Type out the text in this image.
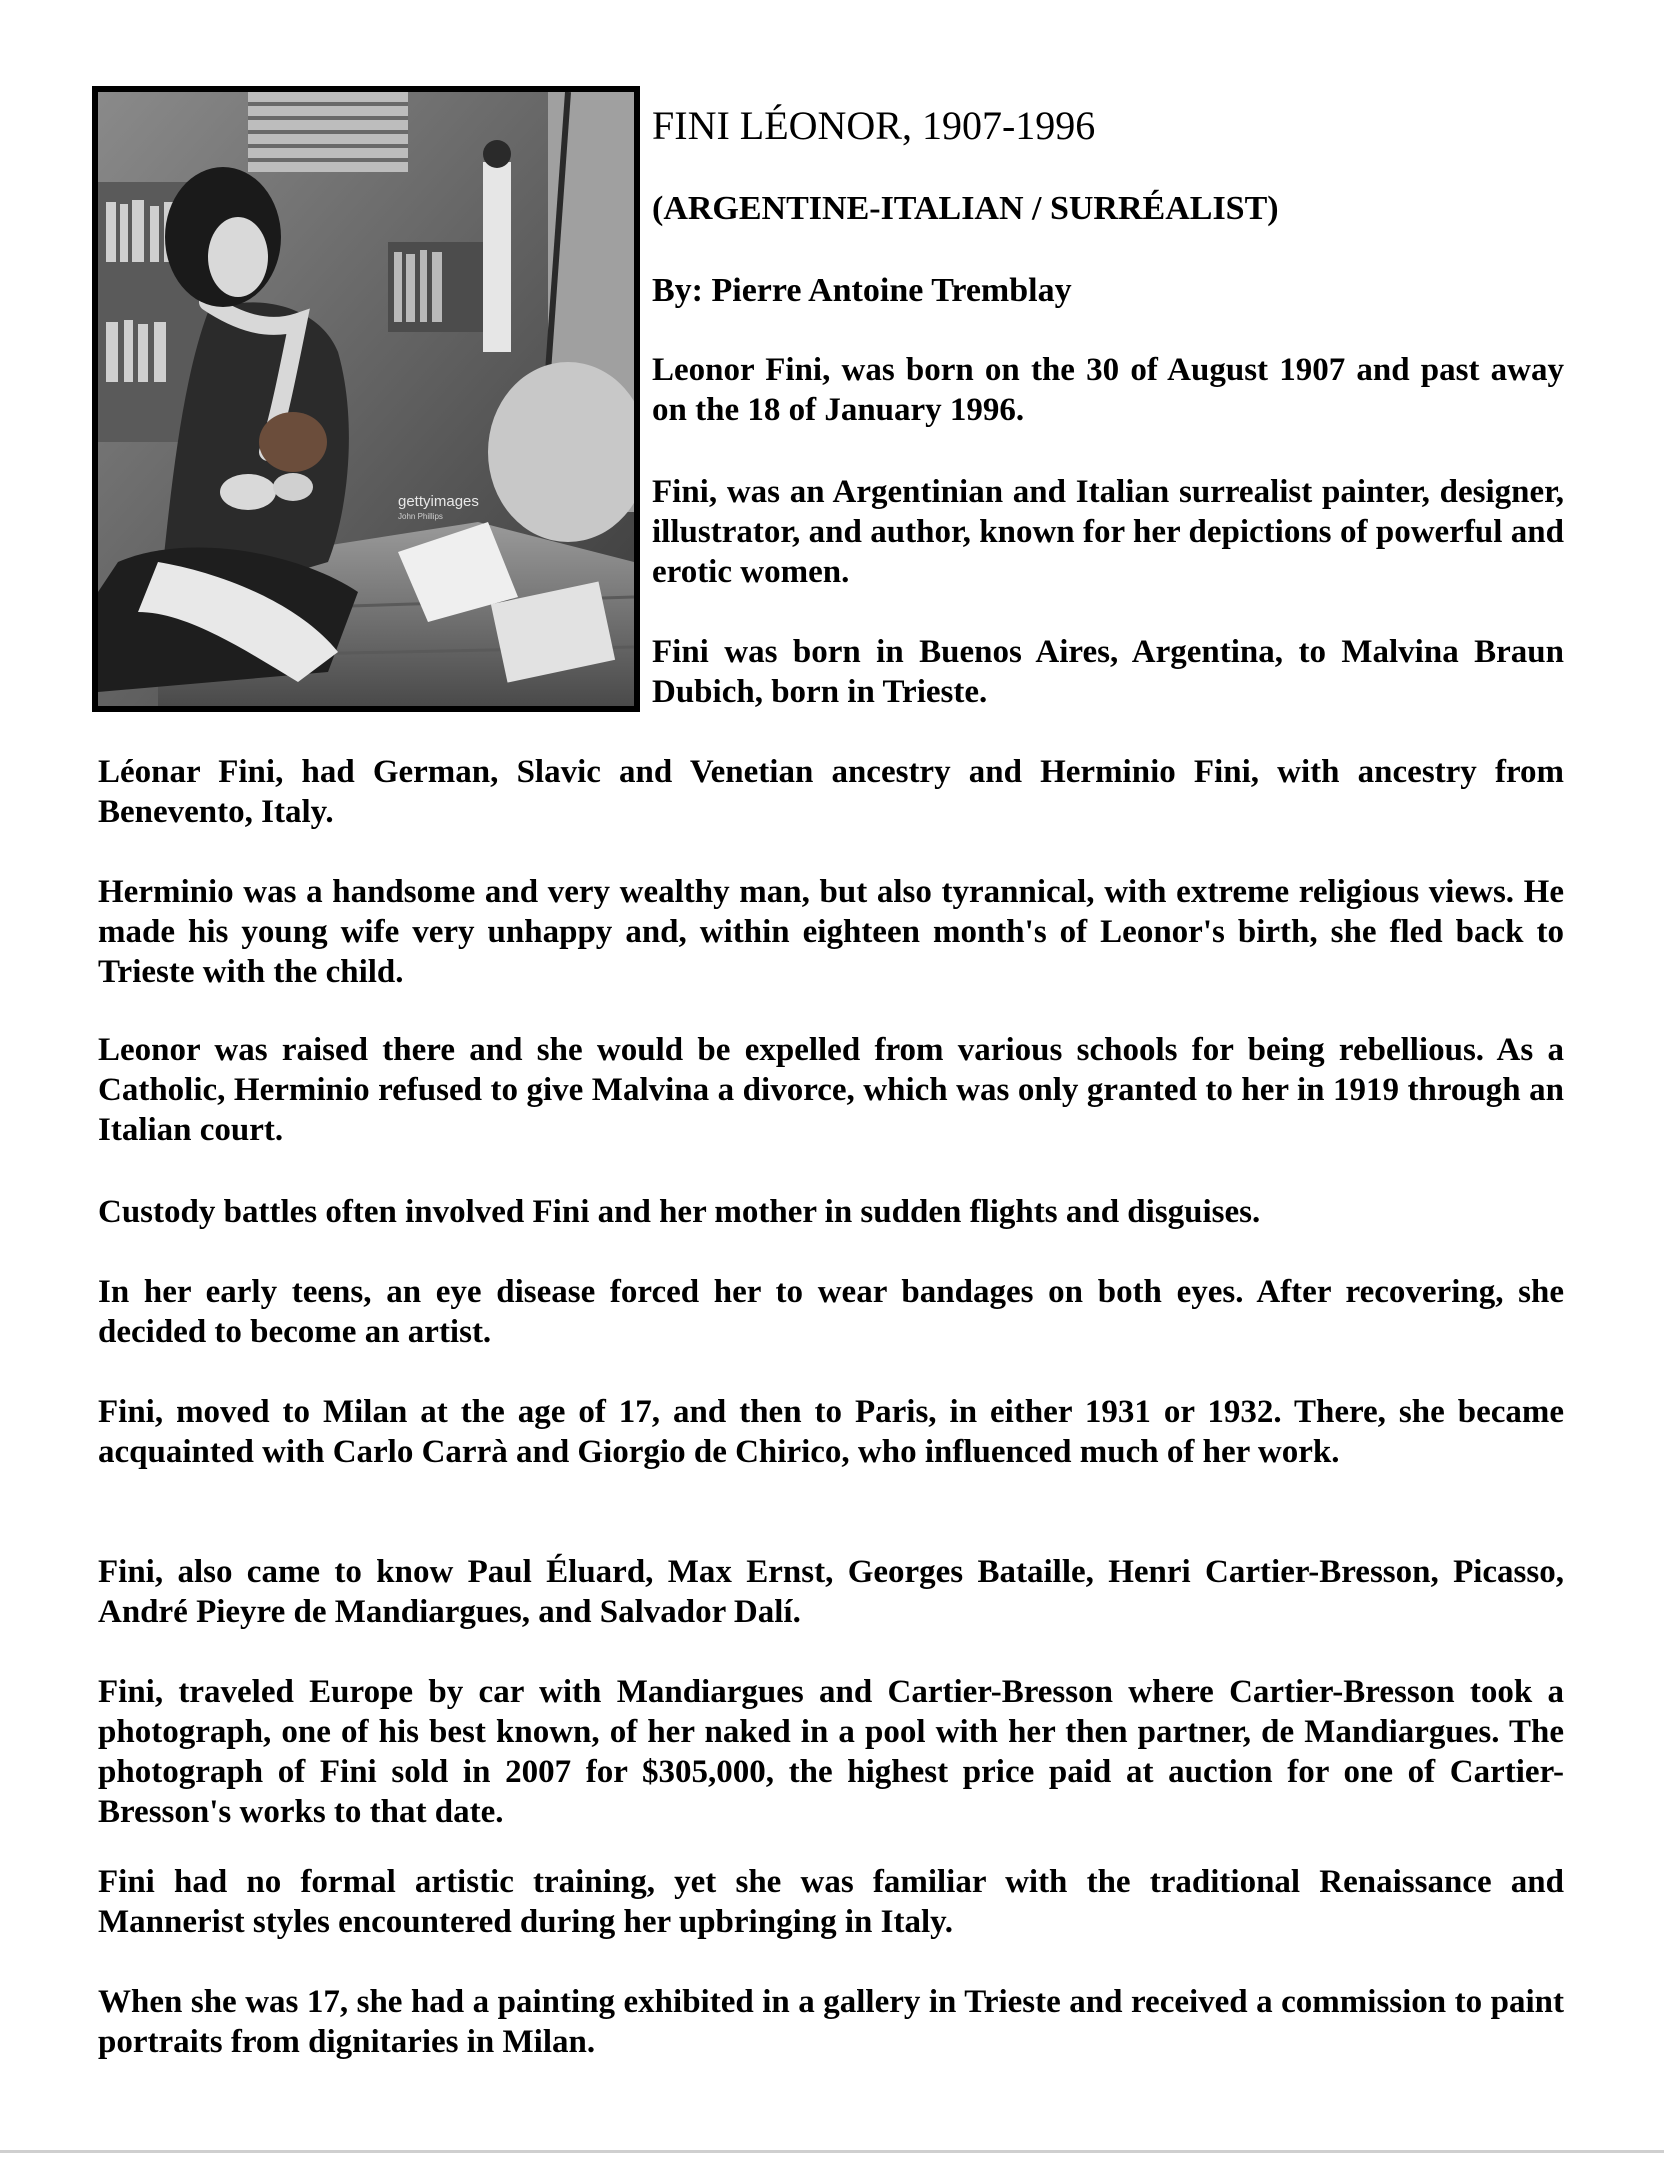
gettyimages
John Phillips
FINI LÉONOR, 1907-1996
(ARGENTINE-ITALIAN / SURRÉALIST)
By: Pierre Antoine Tremblay

Leonor Fini, was born on the 30 of August 1907 and past away on the 18 of January 1996.

Fini, was an Argentinian and Italian surrealist painter, designer, illustrator, and author, known for her depictions of powerful and erotic women.

Fini was born in Buenos Aires, Argentina, to Malvina Braun Dubich, born in Trieste.

Léonar Fini, had German, Slavic and Venetian ancestry and Herminio Fini, with ancestry from Benevento, Italy.

Herminio was a handsome and very wealthy man, but also tyrannical, with extreme religious views. He made his young wife very unhappy and, within eighteen month's of Leonor's birth, she fled back to Trieste with the child.

Leonor was raised there and she would be expelled from various schools for being rebellious. As a Catholic, Herminio refused to give Malvina a divorce, which was only granted to her in 1919 through an Italian court.

Custody battles often involved Fini and her mother in sudden flights and disguises.

In her early teens, an eye disease forced her to wear bandages on both eyes. After recovering, she decided to become an artist.

Fini, moved to Milan at the age of 17, and then to Paris, in either 1931 or 1932. There, she became acquainted with Carlo Carrà and Giorgio de Chirico, who influenced much of her work.

Fini, also came to know Paul Éluard, Max Ernst, Georges Bataille, Henri Cartier-Bresson, Picasso, André Pieyre de Mandiargues, and Salvador Dalí.

Fini, traveled Europe by car with Mandiargues and Cartier-Bresson where Cartier-Bresson took a photograph, one of his best known, of her naked in a pool with her then partner, de Mandiargues. The photograph of Fini sold in 2007 for $305,000, the highest price paid at auction for one of Cartier-Bresson's works to that date.

Fini had no formal artistic training, yet she was familiar with the traditional Renaissance and Mannerist styles encountered during her upbringing in Italy.

When she was 17, she had a painting exhibited in a gallery in Trieste and received a commission to paint portraits from dignitaries in Milan.
